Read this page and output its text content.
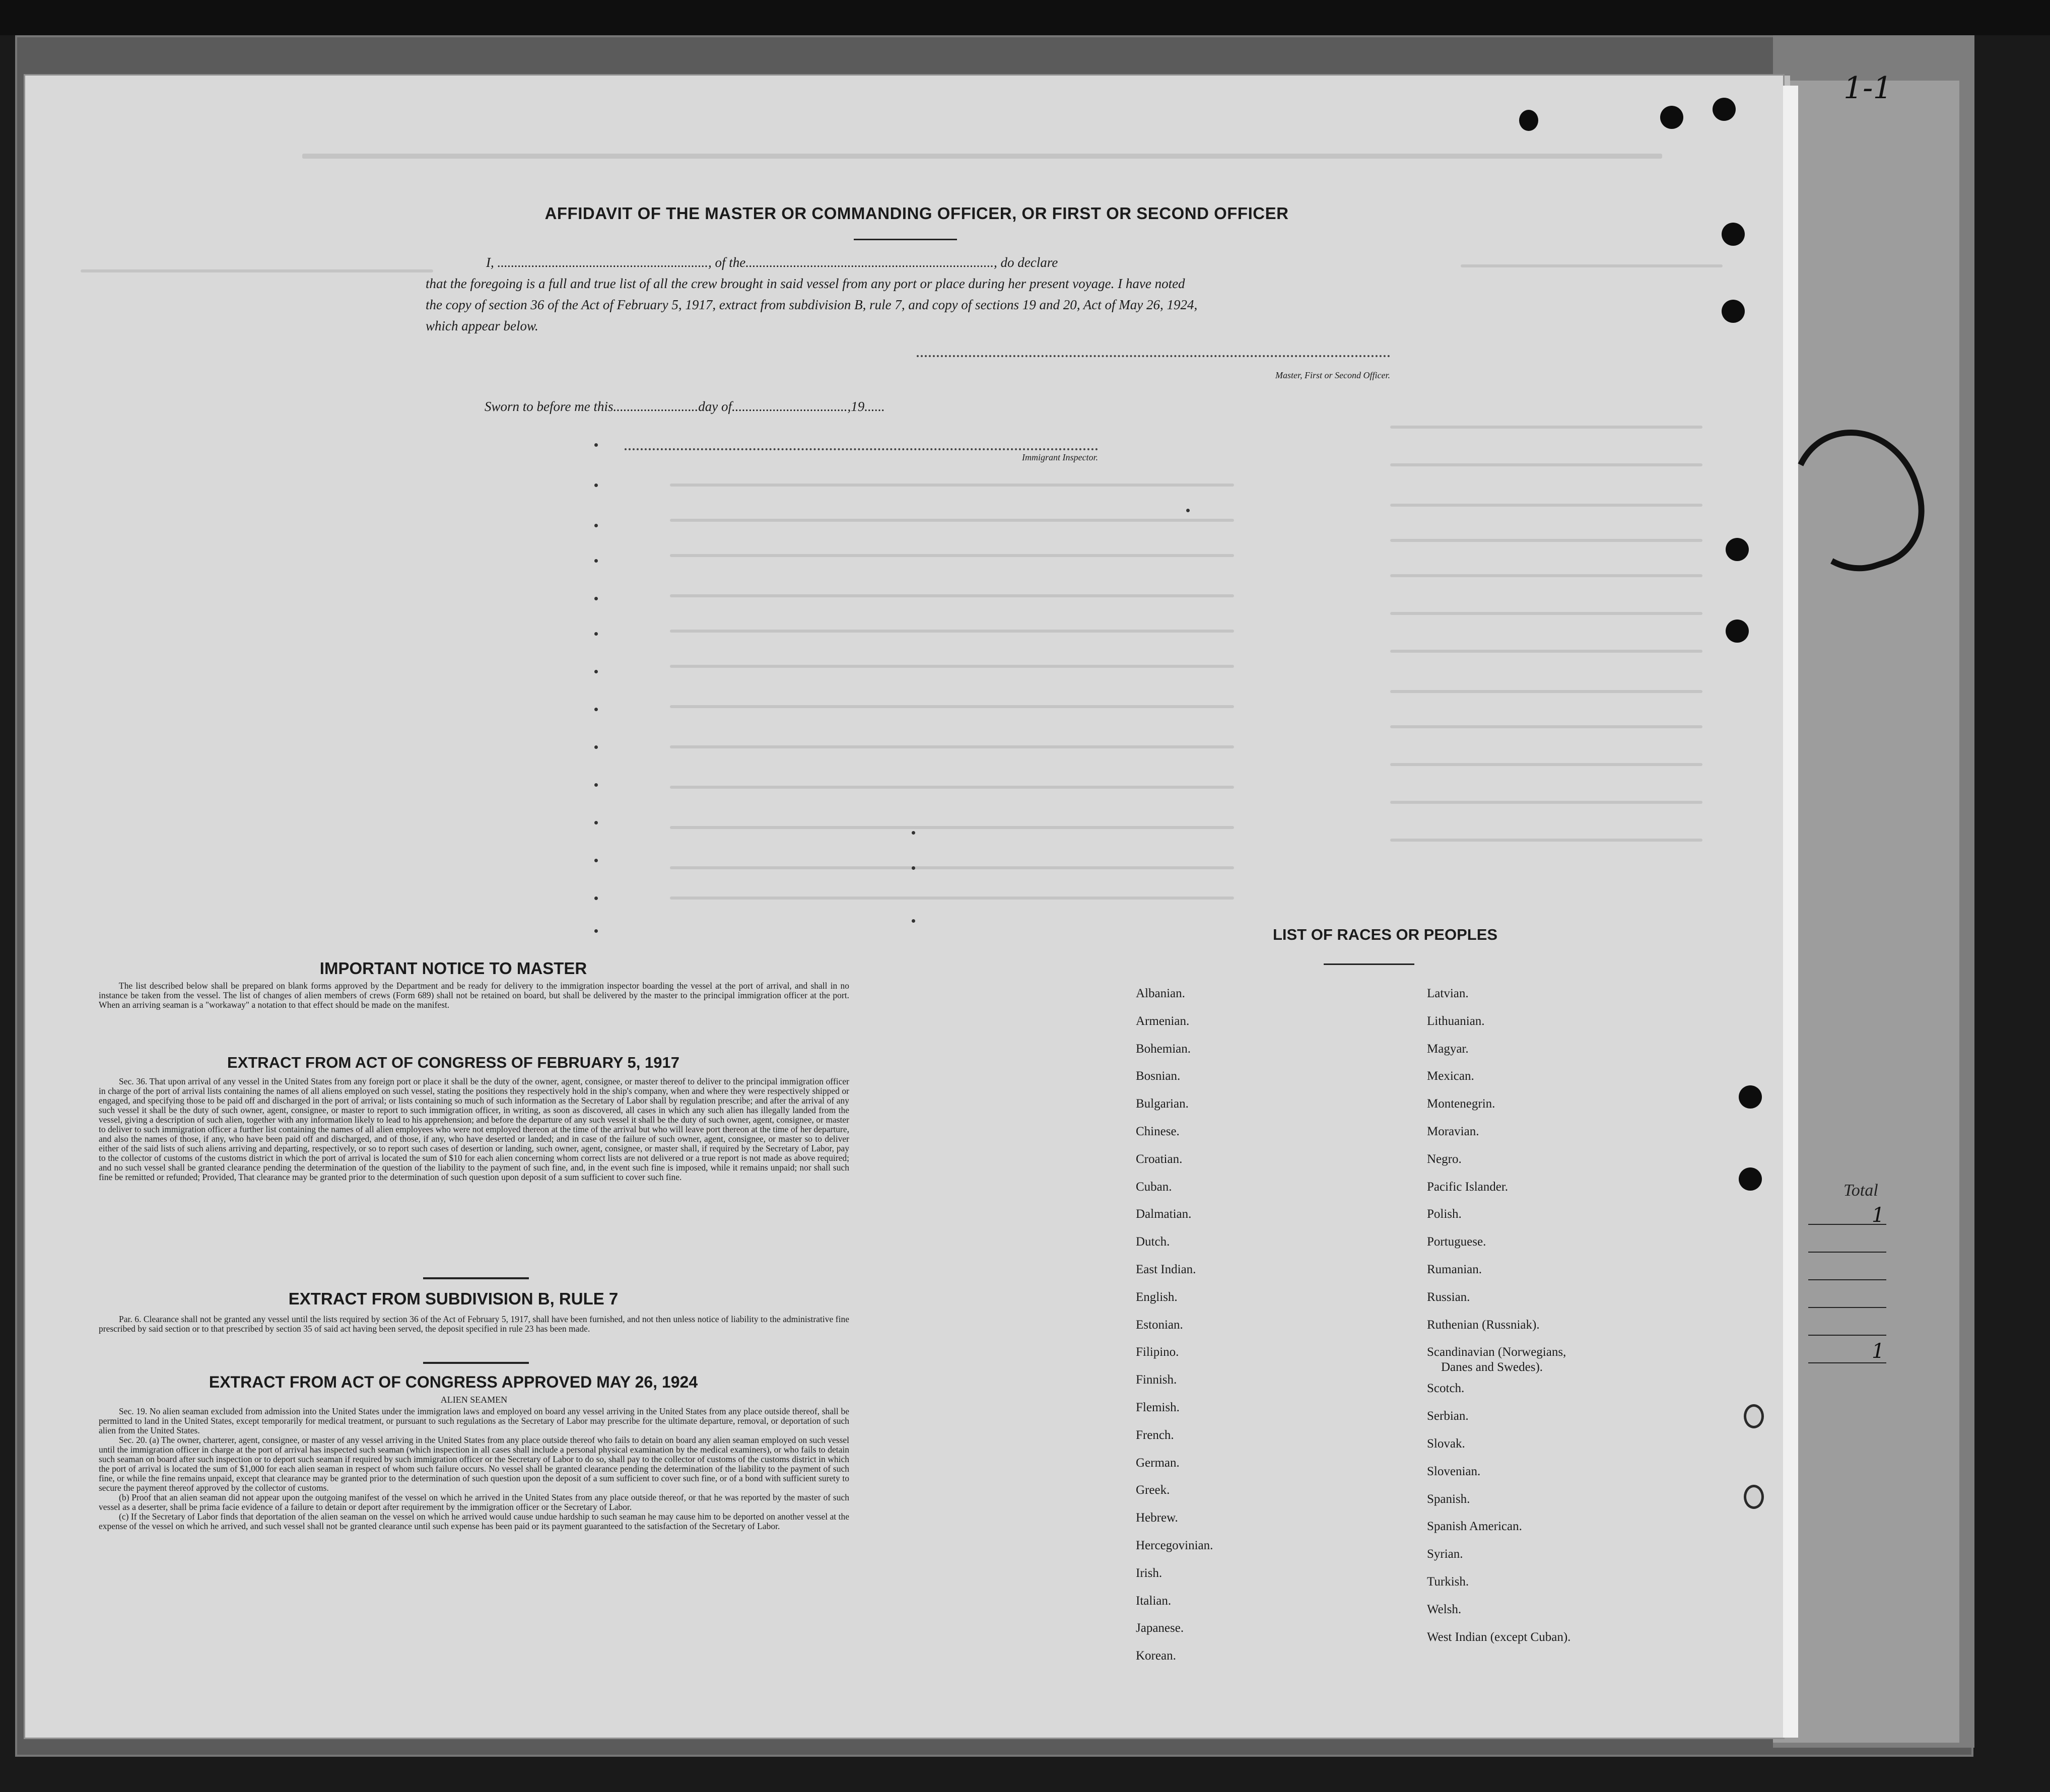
1-1
AFFIDAVIT OF THE MASTER OR COMMANDING OFFICER, OR FIRST OR SECOND OFFICER
I, .............................................................., of the........................................................................., do declare
that the foregoing is a full and true list of all the crew brought in said vessel from any port or place during her present voyage. I have noted
the copy of section 36 of the Act of February 5, 1917, extract from subdivision B, rule 7, and copy of sections 19 and 20, Act of May 26, 1924,
which appear below.
Master, First or Second Officer.
Sworn to before me this.........................day of..................................,19......
Immigrant Inspector.
IMPORTANT NOTICE TO MASTER

The list described below shall be prepared on blank forms approved by the Department and be ready for delivery to the immigration inspector boarding the vessel at the port of arrival, and shall in no instance be taken from the vessel. The list of changes of alien members of crews (Form 689) shall not be retained on board, but shall be delivered by the master to the principal immigration officer at the port. When an arriving seaman is a "workaway" a notation to that effect should be made on the manifest.

EXTRACT FROM ACT OF CONGRESS OF FEBRUARY 5, 1917

Sec. 36. That upon arrival of any vessel in the United States from any foreign port or place it shall be the duty of the owner, agent, consignee, or master thereof to deliver to the principal immigration officer in charge of the port of arrival lists containing the names of all aliens employed on such vessel, stating the positions they respectively hold in the ship's company, when and where they were respectively shipped or engaged, and specifying those to be paid off and discharged in the port of arrival; or lists containing so much of such information as the Secretary of Labor shall by regulation prescribe; and after the arrival of any such vessel it shall be the duty of such owner, agent, consignee, or master to report to such immigration officer, in writing, as soon as discovered, all cases in which any such alien has illegally landed from the vessel, giving a description of such alien, together with any information likely to lead to his apprehension; and before the departure of any such vessel it shall be the duty of such owner, agent, consignee, or master to deliver to such immigration officer a further list containing the names of all alien employees who were not employed thereon at the time of the arrival but who will leave port thereon at the time of her departure, and also the names of those, if any, who have been paid off and discharged, and of those, if any, who have deserted or landed; and in case of the failure of such owner, agent, consignee, or master so to deliver either of the said lists of such aliens arriving and departing, respectively, or so to report such cases of desertion or landing, such owner, agent, consignee, or master shall, if required by the Secretary of Labor, pay to the collector of customs of the customs district in which the port of arrival is located the sum of $10 for each alien concerning whom correct lists are not delivered or a true report is not made as above required; and no such vessel shall be granted clearance pending the determination of the question of the liability to the payment of such fine, and, in the event such fine is imposed, while it remains unpaid; nor shall such fine be remitted or refunded; Provided, That clearance may be granted prior to the determination of such question upon deposit of a sum sufficient to cover such fine.

EXTRACT FROM SUBDIVISION B, RULE 7

Par. 6. Clearance shall not be granted any vessel until the lists required by section 36 of the Act of February 5, 1917, shall have been furnished, and not then unless notice of liability to the administrative fine prescribed by said section or to that prescribed by section 35 of said act having been served, the deposit specified in rule 23 has been made.

EXTRACT FROM ACT OF CONGRESS APPROVED MAY 26, 1924

ALIEN SEAMEN

Sec. 19. No alien seaman excluded from admission into the United States under the immigration laws and employed on board any vessel arriving in the United States from any place outside thereof, shall be permitted to land in the United States, except temporarily for medical treatment, or pursuant to such regulations as the Secretary of Labor may prescribe for the ultimate departure, removal, or deportation of such alien from the United States.

Sec. 20. (a) The owner, charterer, agent, consignee, or master of any vessel arriving in the United States from any place outside thereof who fails to detain on board any alien seaman employed on such vessel until the immigration officer in charge at the port of arrival has inspected such seaman (which inspection in all cases shall include a personal physical examination by the medical examiners), or who fails to detain such seaman on board after such inspection or to deport such seaman if required by such immigration officer or the Secretary of Labor to do so, shall pay to the collector of customs of the customs district in which the port of arrival is located the sum of $1,000 for each alien seaman in respect of whom such failure occurs. No vessel shall be granted clearance pending the determination of the liability to the payment of such fine, or while the fine remains unpaid, except that clearance may be granted prior to the determination of such question upon the deposit of a sum sufficient to cover such fine, or of a bond with sufficient surety to secure the payment thereof approved by the collector of customs.

(b) Proof that an alien seaman did not appear upon the outgoing manifest of the vessel on which he arrived in the United States from any place outside thereof, or that he was reported by the master of such vessel as a deserter, shall be prima facie evidence of a failure to detain or deport after requirement by the immigration officer or the Secretary of Labor.

(c) If the Secretary of Labor finds that deportation of the alien seaman on the vessel on which he arrived would cause undue hardship to such seaman he may cause him to be deported on another vessel at the expense of the vessel on which he arrived, and such vessel shall not be granted clearance until such expense has been paid or its payment guaranteed to the satisfaction of the Secretary of Labor.

LIST OF RACES OR PEOPLES
Albanian.
Armenian.
Bohemian.
Bosnian.
Bulgarian.
Chinese.
Croatian.
Cuban.
Dalmatian.
Dutch.
East Indian.
English.
Estonian.
Filipino.
Finnish.
Flemish.
French.
German.
Greek.
Hebrew.
Hercegovinian.
Irish.
Italian.
Japanese.
Korean.
Latvian.
Lithuanian.
Magyar.
Mexican.
Montenegrin.
Moravian.
Negro.
Pacific Islander.
Polish.
Portuguese.
Rumanian.
Russian.
Ruthenian (Russniak).
Scandinavian (Norwegians,
Danes and Swedes).
Scotch.
Serbian.
Slovak.
Slovenian.
Spanish.
Spanish American.
Syrian.
Turkish.
Welsh.
West Indian (except Cuban).
Total
1
1
